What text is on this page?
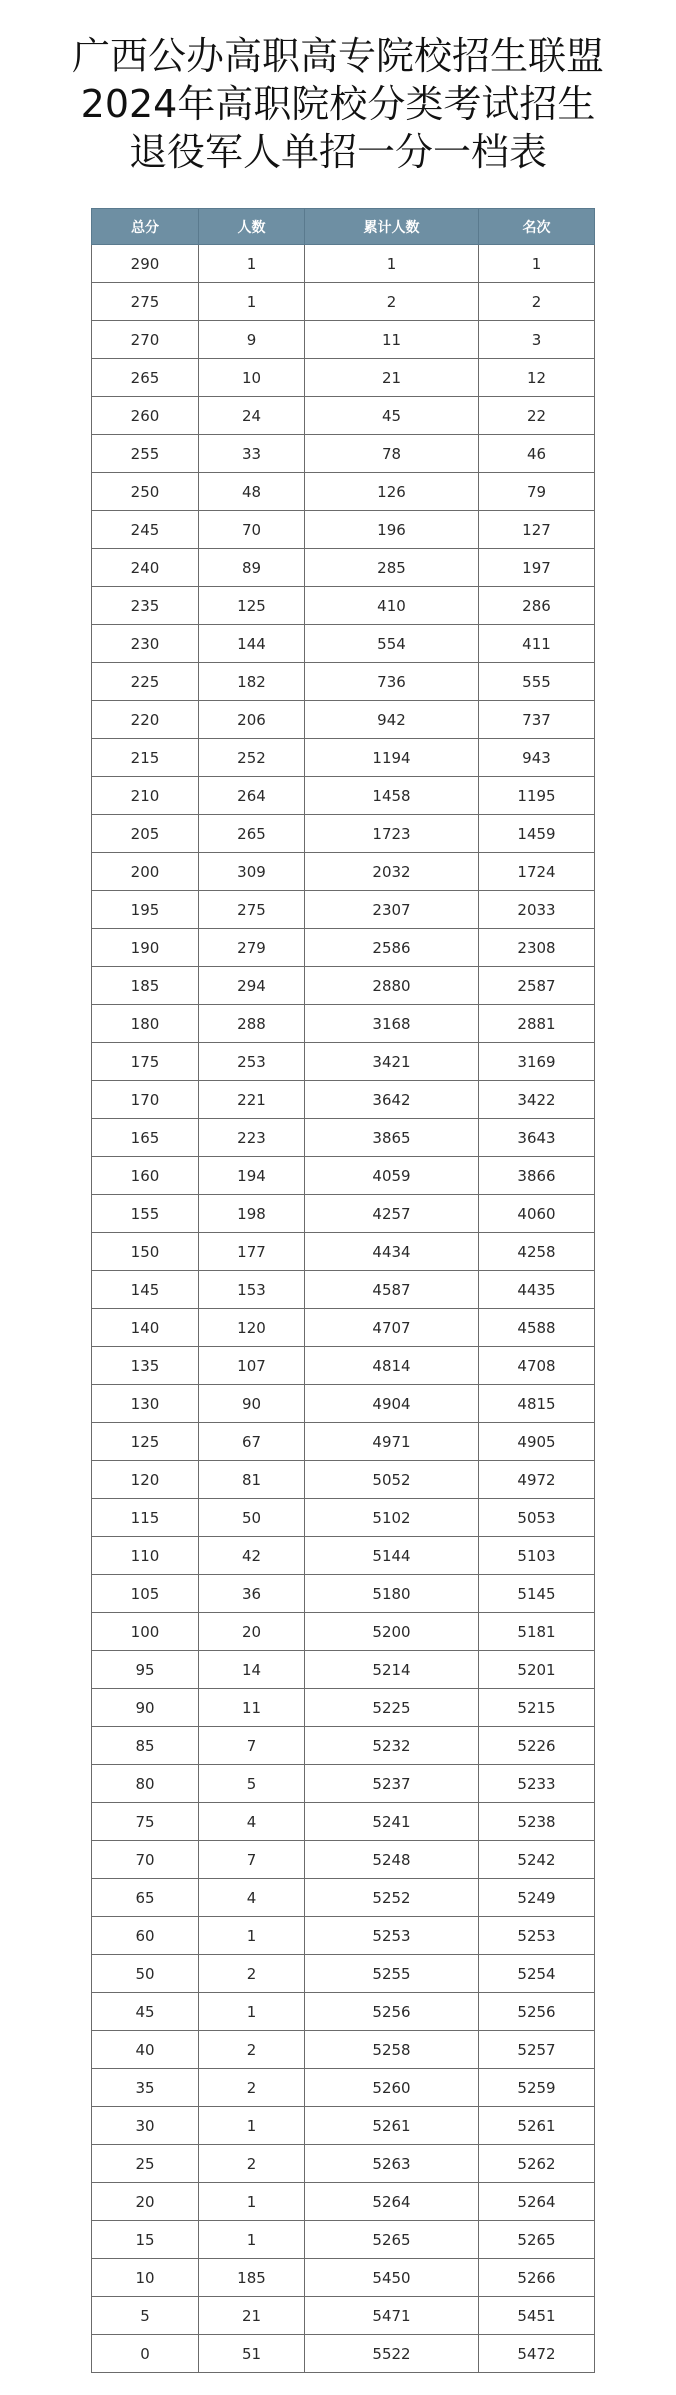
广西公办高职高专院校招生联盟
2024年高职院校分类考试招生
退役军人单招一分一档表
总分	人数	累计人数	名次
290	1	1	1
275	1	2	2
270	9	11	3
265	10	21	12
260	24	45	22
255	33	78	46
250	48	126	79
245	70	196	127
240	89	285	197
235	125	410	286
230	144	554	411
225	182	736	555
220	206	942	737
215	252	1194	943
210	264	1458	1195
205	265	1723	1459
200	309	2032	1724
195	275	2307	2033
190	279	2586	2308
185	294	2880	2587
180	288	3168	2881
175	253	3421	3169
170	221	3642	3422
165	223	3865	3643
160	194	4059	3866
155	198	4257	4060
150	177	4434	4258
145	153	4587	4435
140	120	4707	4588
135	107	4814	4708
130	90	4904	4815
125	67	4971	4905
120	81	5052	4972
115	50	5102	5053
110	42	5144	5103
105	36	5180	5145
100	20	5200	5181
95	14	5214	5201
90	11	5225	5215
85	7	5232	5226
80	5	5237	5233
75	4	5241	5238
70	7	5248	5242
65	4	5252	5249
60	1	5253	5253
50	2	5255	5254
45	1	5256	5256
40	2	5258	5257
35	2	5260	5259
30	1	5261	5261
25	2	5263	5262
20	1	5264	5264
15	1	5265	5265
10	185	5450	5266
5	21	5471	5451
0	51	5522	5472
